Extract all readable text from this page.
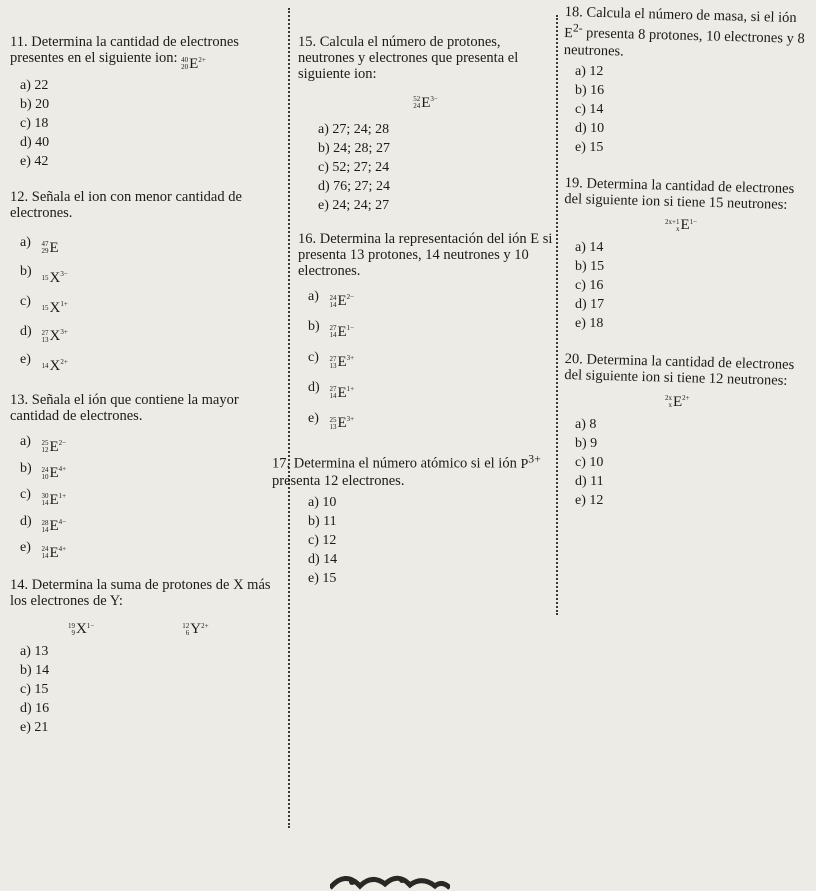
11. Determina la cantidad de electrones presentes en el siguiente ion: 40
20 E 2+
a) 22
b) 20
c) 18
d) 40
e) 42
12. Señala el ion con menor cantidad de electrones.
a) 47
29 E
b) 15 X 3−
c) 15 X 1+
d) 27
13 X 3+
e) 14 X 2+
13. Señala el ión que contiene la mayor cantidad de electrones.
a) 25
12 E 2−
b) 24
10 E 4+
c) 30
14 E 1+
d) 28
14 E 4−
e) 24
14 E 4+
14. Determina la suma de protones de X más los electrones de Y:
19
9 X 1−
	12
6 Y 2+
a) 13
b) 14
c) 15
d) 16
e) 21
15. Calcula el número de protones, neutrones y electrones que presenta el siguiente ion:
52
24 E 3−
a) 27; 24; 28
b) 24; 28; 27
c) 52; 27; 24
d) 76; 27; 24
e) 24; 24; 27
16. Determina la representación del ión E si presenta 13 protones, 14 neutrones y 10 electrones.
a) 24
14 E 2−
b) 27
14 E 1−
c) 27
13 E 3+
d) 27
14 E 1+
e) 25
13 E 3+
17. Determina el número atómico si el ión $P^{3+}$ presenta 12 electrones.
a) 10
b) 11
c) 12
d) 14
e) 15
18. Calcula el número de masa, si el ión $E^{2-}$ presenta 8 protones, 10 electrones y 8 neutrones.
a) 12
b) 16
c) 14
d) 10
e) 15
19. Determina la cantidad de electrones del siguiente ion si tiene 15 neutrones:
2x+1
x E 1−
a) 14
b) 15
c) 16
d) 17
e) 18
20. Determina la cantidad de electrones del siguiente ion si tiene 12 neutrones:
2x
x E 2+
a) 8
b) 9
c) 10
d) 11
e) 12
